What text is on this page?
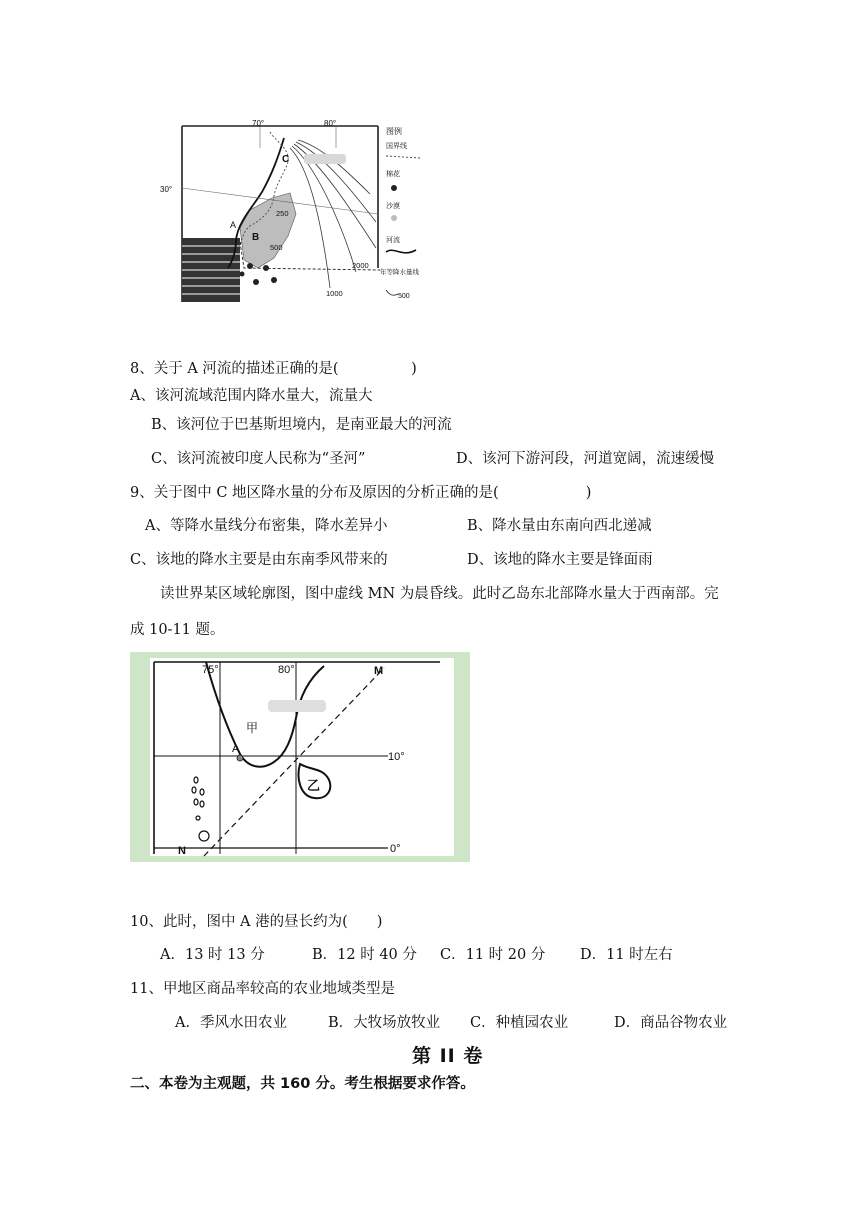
70°	80°
30°
C
A
B
250
500
2000
1000
图例
国界线
棉花
沙漠
河流
年等降水量线
500
8、关于 A 河流的描述正确的是(　　　　　)
A、该河流域范围内降水量大，流量大
B、该河位于巴基斯坦境内，是南亚最大的河流
C、该河流被印度人民称为“圣河”	D、该河下游河段，河道宽阔，流速缓慢
9、关于图中 C 地区降水量的分布及原因的分析正确的是(　　　　　　)
A、等降水量线分布密集，降水差异小	B、降水量由东南向西北递减
C、该地的降水主要是由东南季风带来的	D、该地的降水主要是锋面雨
读世界某区域轮廓图，图中虚线 MN 为晨昏线。此时乙岛东北部降水量大于西南部。完
成 10-11 题。
75°	80°	M
N
10°
0°
甲
A
乙
10、此时，图中 A 港的昼长约为(　　)
A．13 时 13 分	B．12 时 40 分 C．11 时 20 分 D．11 时左右
11、甲地区商品率较高的农业地域类型是
A．季风水田农业	B．大牧场放牧业 C．种植园农业	D．商品谷物农业
第 II 卷
二、本卷为主观题，共 160 分。考生根据要求作答。
